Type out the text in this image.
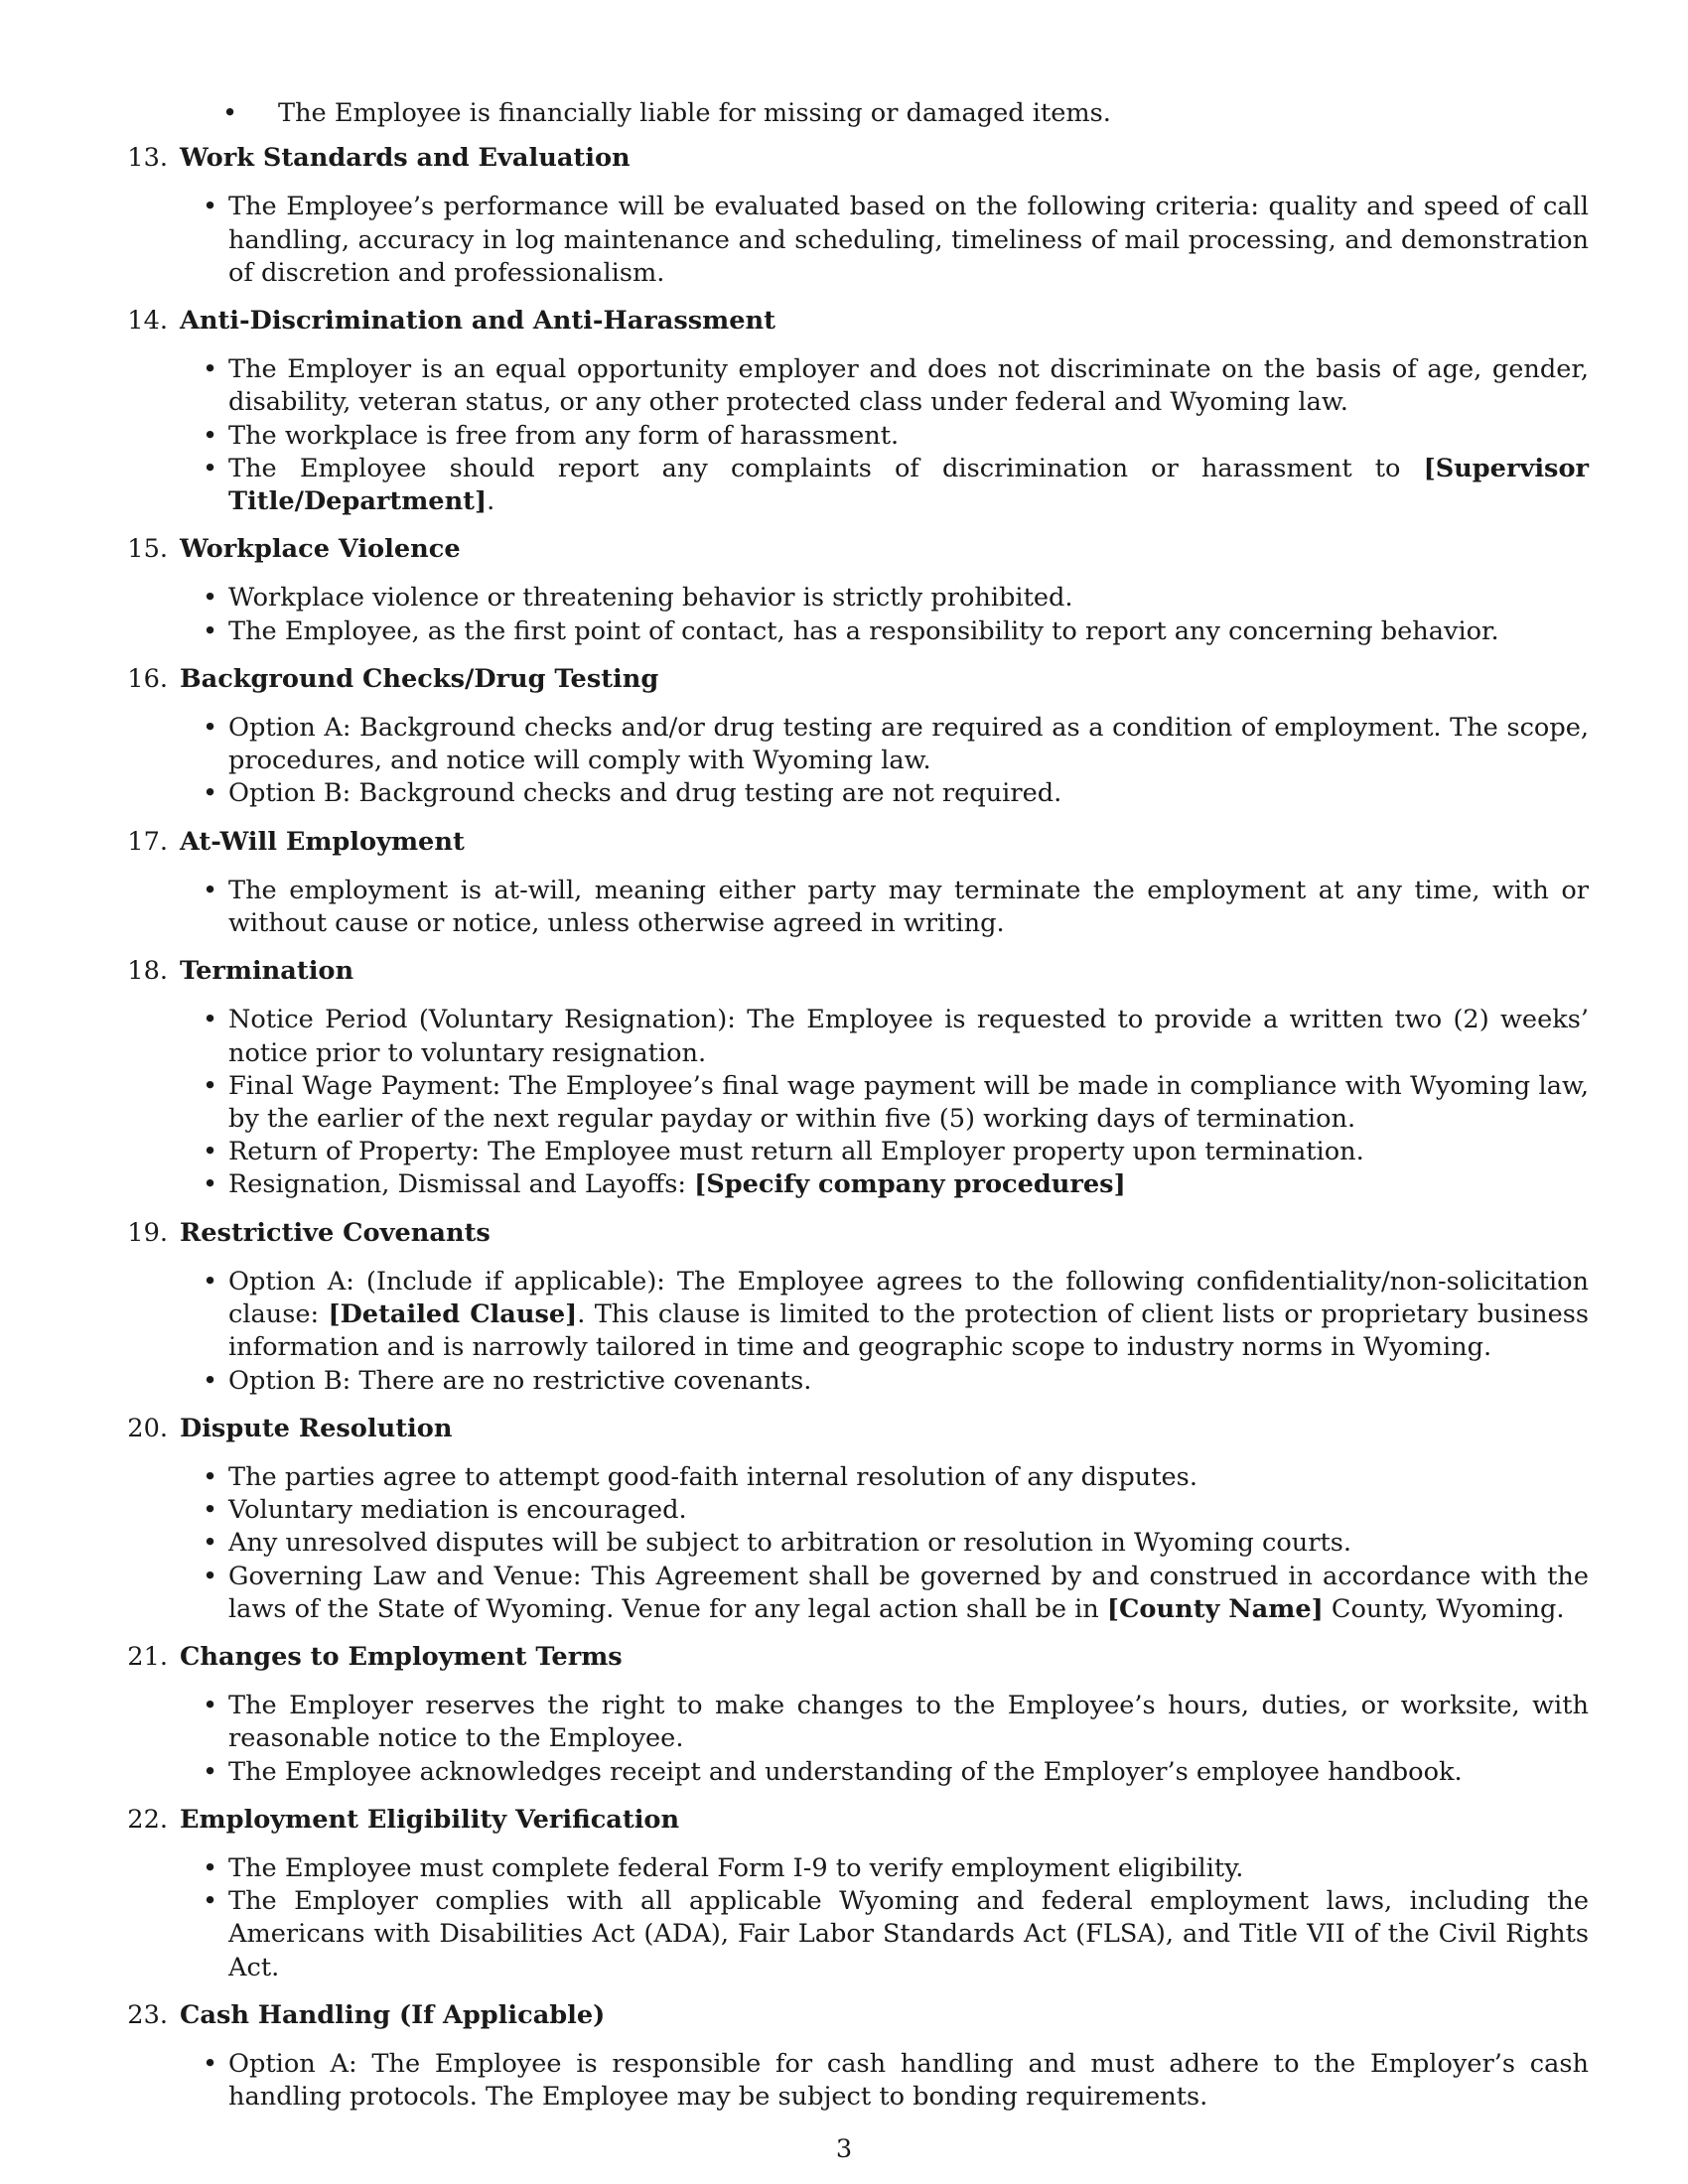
• The Employee is financially liable for missing or damaged items.
13. Work Standards and Evaluation
• The Employee’s performance will be evaluated based on the following criteria: quality and speed of call handling, accuracy in log maintenance and scheduling, timeliness of mail processing, and demonstration of discretion and professionalism.
14. Anti-Discrimination and Anti-Harassment
• The Employer is an equal opportunity employer and does not discriminate on the basis of age, gender, disability, veteran status, or any other protected class under federal and Wyoming law.
• The workplace is free from any form of harassment.
• The Employee should report any complaints of discrimination or harassment to [Supervisor Title/Department].
15. Workplace Violence
• Workplace violence or threatening behavior is strictly prohibited.
• The Employee, as the first point of contact, has a responsibility to report any concerning behavior.
16. Background Checks/Drug Testing
• Option A: Background checks and/or drug testing are required as a condition of employment. The scope, procedures, and notice will comply with Wyoming law.
• Option B: Background checks and drug testing are not required.
17. At-Will Employment
• The employment is at-will, meaning either party may terminate the employment at any time, with or without cause or notice, unless otherwise agreed in writing.
18. Termination
• Notice Period (Voluntary Resignation): The Employee is requested to provide a written two (2) weeks’ notice prior to voluntary resignation.
• Final Wage Payment: The Employee’s final wage payment will be made in compliance with Wyoming law, by the earlier of the next regular payday or within five (5) working days of termination.
• Return of Property: The Employee must return all Employer property upon termination.
• Resignation, Dismissal and Layoffs: [Specify company procedures]
19. Restrictive Covenants
• Option A: (Include if applicable): The Employee agrees to the following confidentiality/non-solicitation clause: [Detailed Clause]. This clause is limited to the protection of client lists or proprietary business information and is narrowly tailored in time and geographic scope to industry norms in Wyoming.
• Option B: There are no restrictive covenants.
20. Dispute Resolution
• The parties agree to attempt good-faith internal resolution of any disputes.
• Voluntary mediation is encouraged.
• Any unresolved disputes will be subject to arbitration or resolution in Wyoming courts.
• Governing Law and Venue: This Agreement shall be governed by and construed in accordance with the laws of the State of Wyoming. Venue for any legal action shall be in [County Name] County, Wyoming.
21. Changes to Employment Terms
• The Employer reserves the right to make changes to the Employee’s hours, duties, or worksite, with reasonable notice to the Employee.
• The Employee acknowledges receipt and understanding of the Employer’s employee handbook.
22. Employment Eligibility Verification
• The Employee must complete federal Form I-9 to verify employment eligibility.
• The Employer complies with all applicable Wyoming and federal employment laws, including the Americans with Disabilities Act (ADA), Fair Labor Standards Act (FLSA), and Title VII of the Civil Rights Act.
23. Cash Handling (If Applicable)
• Option A: The Employee is responsible for cash handling and must adhere to the Employer’s cash handling protocols. The Employee may be subject to bonding requirements.
3
